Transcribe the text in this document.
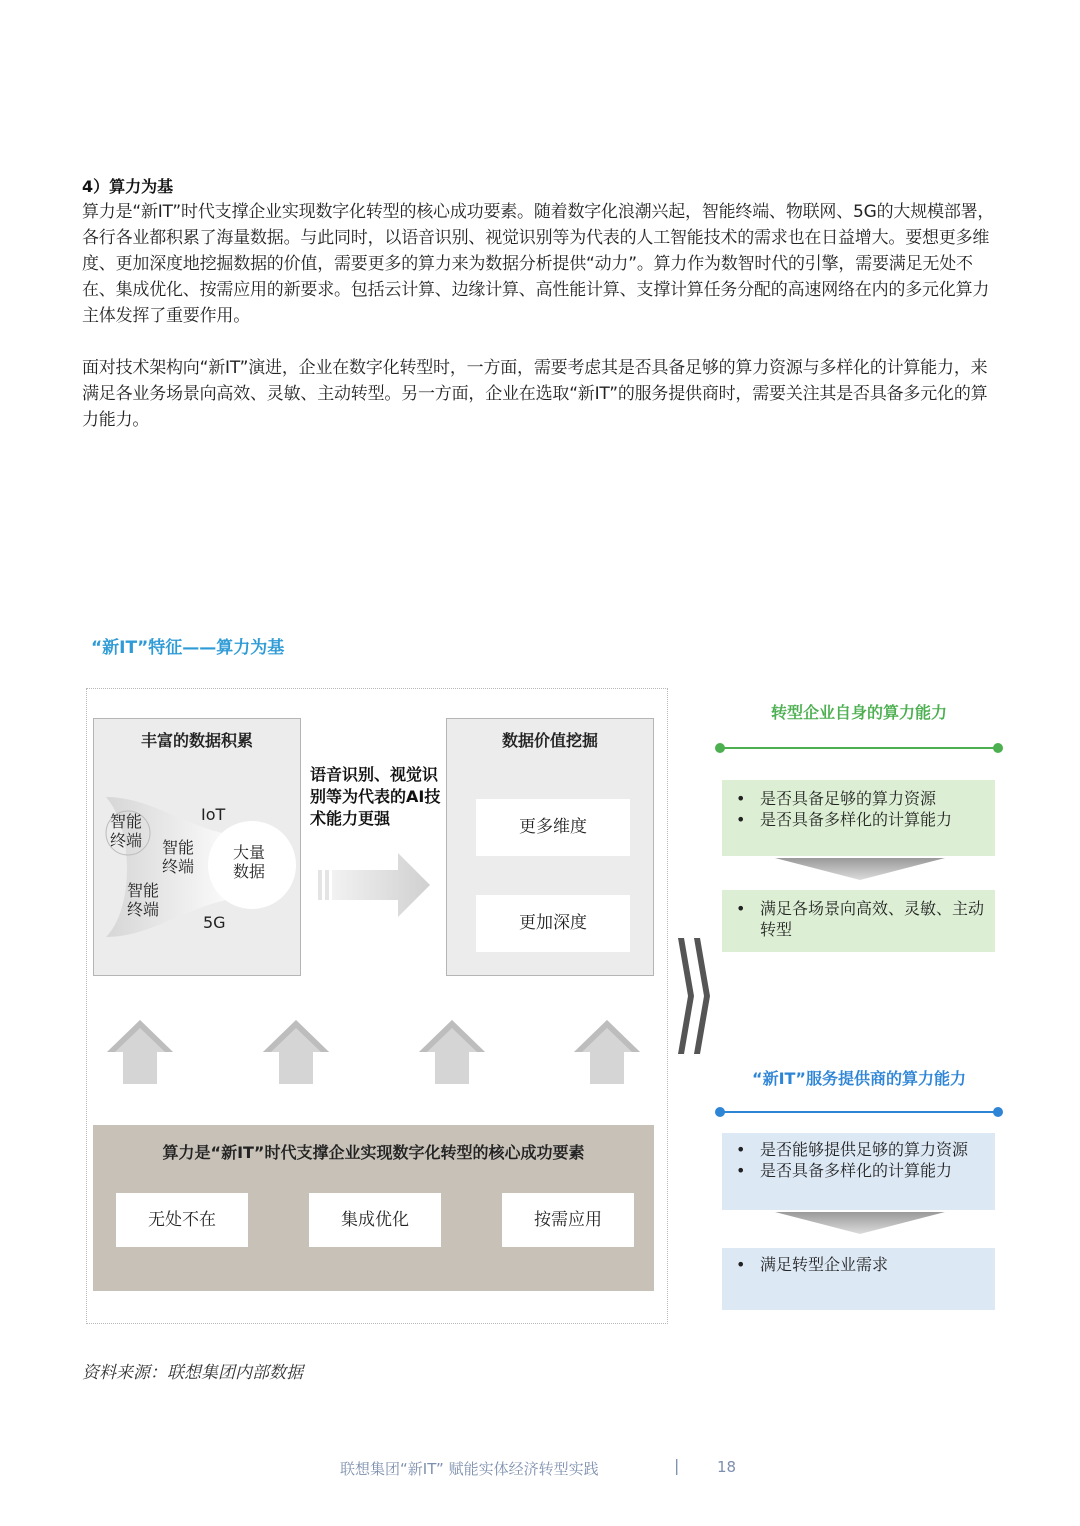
4）算力为基
算力是“新IT”时代支撑企业实现数字化转型的核心成功要素。随着数字化浪潮兴起，智能终端、物联网、5G的大规模部署，各行各业都积累了海量数据。与此同时，以语音识别、视觉识别等为代表的人工智能技术的需求也在日益增大。要想更多维度、更加深度地挖掘数据的价值，需要更多的算力来为数据分析提供“动力”。算力作为数智时代的引擎，需要满足无处不在、集成优化、按需应用的新要求。包括云计算、边缘计算、高性能计算、支撑计算任务分配的高速网络在内的多元化算力主体发挥了重要作用。
面对技术架构向“新IT”演进，企业在数字化转型时，一方面，需要考虑其是否具备足够的算力资源与多样化的计算能力，来满足各业务场景向高效、灵敏、主动转型。另一方面，企业在选取“新IT”的服务提供商时，需要关注其是否具备多元化的算力能力。
“新IT”特征——算力为基
丰富的数据积累
智能
终端 智能
终端
智能
终端
IoT
5G
大量
数据
语音识别、视觉识别等为代表的AI技术能力更强
数据价值挖掘
更多维度
更加深度
算力是“新IT”时代支撑企业实现数字化转型的核心成功要素
无处不在	集成优化	按需应用
转型企业自身的算力能力
• 是否具备足够的算力资源
• 是否具备多样化的计算能力
• 满足各场景向高效、灵敏、主动转型
“新IT”服务提供商的算力能力
• 是否能够提供足够的算力资源
• 是否具备多样化的计算能力
• 满足转型企业需求
资料来源：联想集团内部数据
联想集团“新IT” 赋能实体经济转型实践	|	18
